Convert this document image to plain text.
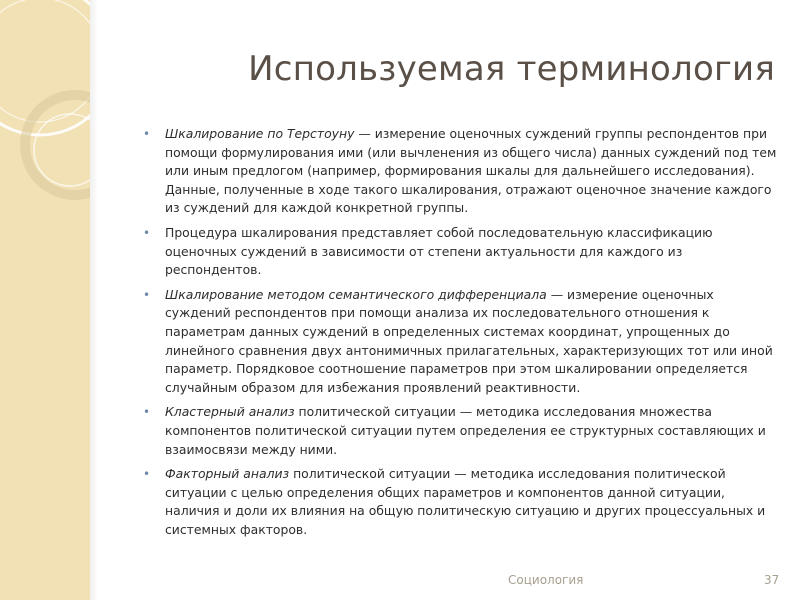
Используемая терминология
• Шкалирование по Терстоуну — измерение оценочных суждений группы респондентов при помощи формулирования ими (или вычленения из общего числа) данных суждений под тем или иным предлогом (например, формирования шкалы для дальнейшего исследования). Данные, полученные в ходе такого шкалирования, отражают оценочное значение каждого из суждений для каждой конкретной группы.
• Процедура шкалирования представляет собой последовательную классификацию оценочных суждений в зависимости от степени актуальности для каждого из респондентов.
• Шкалирование методом семантического дифференциала — измерение оценочных суждений респондентов при помощи анализа их последовательного отношения к параметрам данных суждений в определенных системах координат, упрощенных до линейного сравнения двух антонимичных прилагательных, характеризующих тот или иной параметр. Порядковое соотношение параметров при этом шкалировании определяется случайным образом для избежания проявлений реактивности.
• Кластерный анализ политической ситуации — методика исследования множества компонентов политической ситуации путем определения ее структурных составляющих и взаимосвязи между ними.
• Факторный анализ политической ситуации — методика исследования политической ситуации с целью определения общих параметров и компонентов данной ситуации, наличия и доли их влияния на общую политическую ситуацию и других процессуальных и системных факторов.
Социология	37
